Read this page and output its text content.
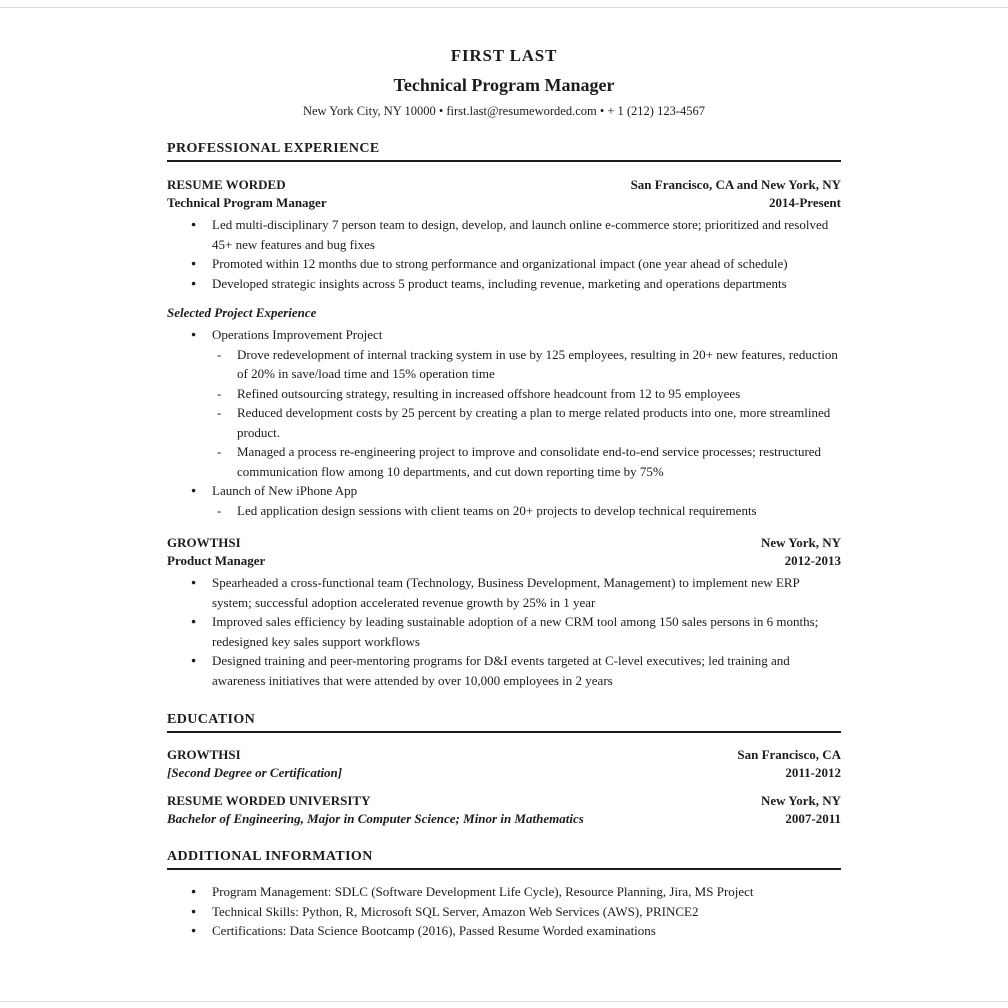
FIRST LAST
Technical Program Manager
New York City, NY 10000 • first.last@resumeworded.com • + 1 (212) 123-4567
PROFESSIONAL EXPERIENCE
RESUME WORDED	San Francisco, CA and New York, NY
Technical Program Manager	2014-Present
● Led multi-disciplinary 7 person team to design, develop, and launch online e-commerce store; prioritized and resolved 45+ new features and bug fixes
● Promoted within 12 months due to strong performance and organizational impact (one year ahead of schedule)
● Developed strategic insights across 5 product teams, including revenue, marketing and operations departments
Selected Project Experience
● Operations Improvement Project
- Drove redevelopment of internal tracking system in use by 125 employees, resulting in 20+ new features, reduction of 20% in save/load time and 15% operation time
- Refined outsourcing strategy, resulting in increased offshore headcount from 12 to 95 employees
- Reduced development costs by 25 percent by creating a plan to merge related products into one, more streamlined product.
- Managed a process re-engineering project to improve and consolidate end-to-end service processes; restructured communication flow among 10 departments, and cut down reporting time by 75%
● Launch of New iPhone App
- Led application design sessions with client teams on 20+ projects to develop technical requirements
GROWTHSI	New York, NY
Product Manager	2012-2013
● Spearheaded a cross-functional team (Technology, Business Development, Management) to implement new ERP system; successful adoption accelerated revenue growth by 25% in 1 year
● Improved sales efficiency by leading sustainable adoption of a new CRM tool among 150 sales persons in 6 months; redesigned key sales support workflows
● Designed training and peer-mentoring programs for D&I events targeted at C-level executives; led training and awareness initiatives that were attended by over 10,000 employees in 2 years
EDUCATION
GROWTHSI	San Francisco, CA
[Second Degree or Certification]	2011-2012
RESUME WORDED UNIVERSITY	New York, NY
Bachelor of Engineering, Major in Computer Science; Minor in Mathematics	2007-2011
ADDITIONAL INFORMATION
● Program Management: SDLC (Software Development Life Cycle), Resource Planning, Jira, MS Project
● Technical Skills: Python, R, Microsoft SQL Server, Amazon Web Services (AWS), PRINCE2
● Certifications: Data Science Bootcamp (2016), Passed Resume Worded examinations
